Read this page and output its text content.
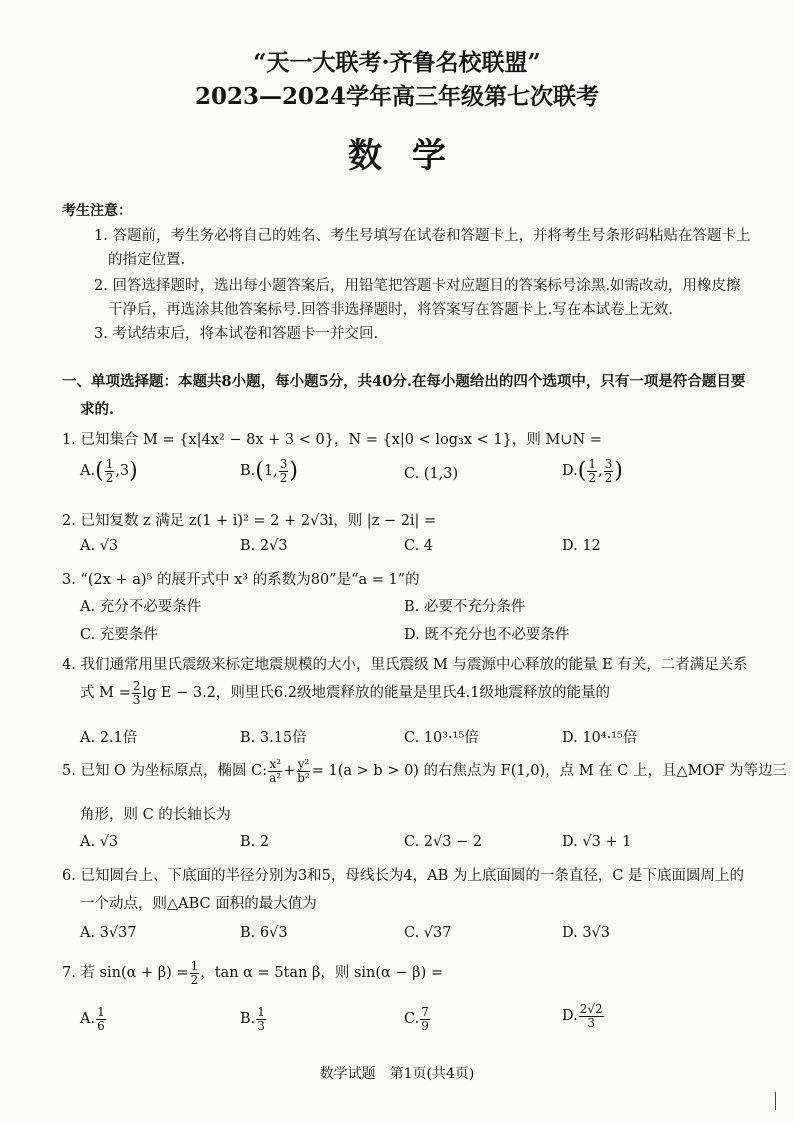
“天一大联考·齐鲁名校联盟”
2023—2024学年高三年级第七次联考
数学
考生注意：
1. 答题前，考生务必将自己的姓名、考生号填写在试卷和答题卡上，并将考生号条形码粘贴在答题卡上
的指定位置.
2. 回答选择题时，选出每小题答案后，用铅笔把答题卡对应题目的答案标号涂黑.如需改动，用橡皮擦
干净后，再选涂其他答案标号.回答非选择题时，将答案写在答题卡上.写在本试卷上无效.
3. 考试结束后，将本试卷和答题卡一并交回.
一、单项选择题：本题共8小题，每小题5分，共40分.在每小题给出的四个选项中，只有一项是符合题目要
求的.
1. 已知集合 M = {x|4x² − 8x + 3 < 0}，N = {x|0 < log₃x < 1}，则 M∪N =
$A.( \frac{1}{2} ,3)$	B.(1, $\frac{3}{2}$ )	C. (1,3)	$D.( \frac{1}{2}$ , $\frac{3}{2}$ )
2. 已知复数 z 满足 z(1 + i)² = 2 + 2√3i，则 |z − 2i| =
A. √3	B. 2√3	C. 4	D. 12
3. “(2x + a)⁵ 的展开式中 x³ 的系数为80”是“a = 1”的
A. 充分不必要条件	B. 必要不充分条件
C. 充要条件	D. 既不充分也不必要条件
4. 我们通常用里氏震级来标定地震规模的大小，里氏震级 M 与震源中心释放的能量 E 有关，二者满足关系
式 $M = \frac{2}{3}$ lg E − 3.2，则里氏6.2级地震释放的能量是里氏4.1级地震释放的能量的
A. 2.1倍	B. 3.15倍	C. 10³·¹⁵倍	D. 10⁴·¹⁵倍
5. 已知 O 为坐标原点，椭圆 C: $\frac{\text{x²}}{\text{a²}} + \frac{\text{y²}}{\text{b²}} = 1(a > b > 0)$ 的右焦点为 F(1,0)，点 M 在 C 上，且△MOF 为等边三
角形，则 C 的长轴长为
A. √3	B. 2	C. 2√3 − 2	D. √3 + 1
6. 已知圆台上、下底面的半径分别为3和5，母线长为4，AB 为上底面圆的一条直径，C 是下底面圆周上的
一个动点，则△ABC 面积的最大值为
A. 3√37	B. 6√3	C. √37	D. 3√3
7. 若 $\sin(\alpha + \beta) = \frac{1}{2}$ ，tan α = 5tan β，则 sin(α − β) =
A. $\frac{1}{6}$	B. $\frac{1}{3}$	C. $\frac{7}{9}$	D. $\frac{2√2}{3}$
数学试题　第1页(共4页)
